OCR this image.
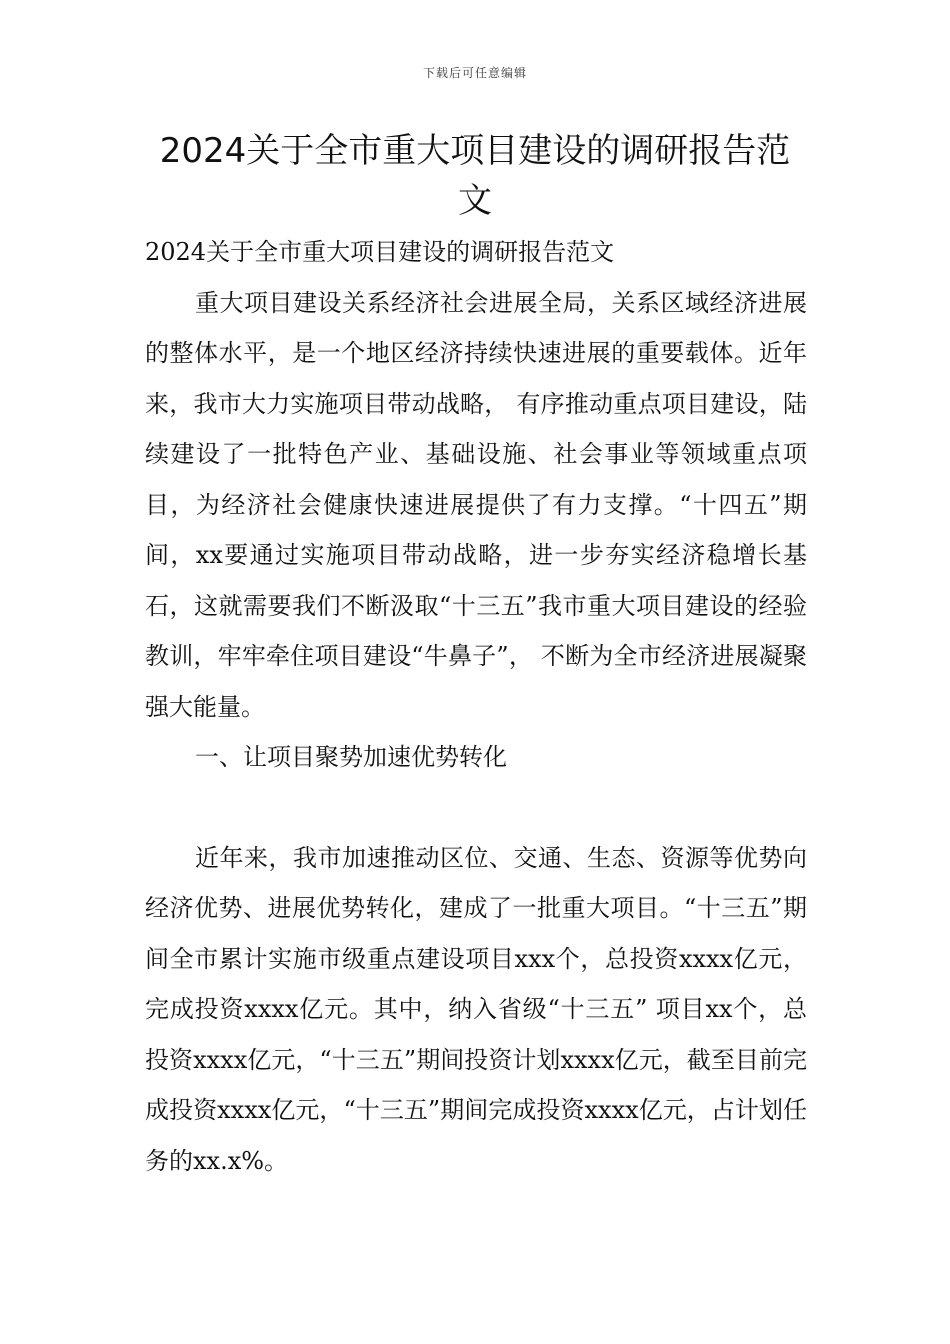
下载后可任意编辑
2024关于全市重大项目建设的调研报告范文

2024关于全市重大项目建设的调研报告范文

重大项目建设关系经济社会进展全局，关系区域经济进展的整体水平，是一个地区经济持续快速进展的重要载体。近年来，我市大力实施项目带动战略， 有序推动重点项目建设，陆续建设了一批特色产业、基础设施、社会事业等领域重点项目，为经济社会健康快速进展提供了有力支撑。“十四五”期间，xx要通过实施项目带动战略，进一步夯实经济稳增长基石，这就需要我们不断汲取“十三五”我市重大项目建设的经验教训，牢牢牵住项目建设“牛鼻子”， 不断为全市经济进展凝聚强大能量。

一、让项目聚势加速优势转化

近年来，我市加速推动区位、交通、生态、资源等优势向经济优势、进展优势转化，建成了一批重大项目。“十三五”期间全市累计实施市级重点建设项目xxx个，总投资xxxx亿元，完成投资xxxx亿元。其中，纳入省级“十三五” 项目xx个，总投资xxxx亿元，“十三五”期间投资计划xxxx亿元，截至目前完成投资xxxx亿元，“十三五”期间完成投资xxxx亿元，占计划任务的xx.x%。
